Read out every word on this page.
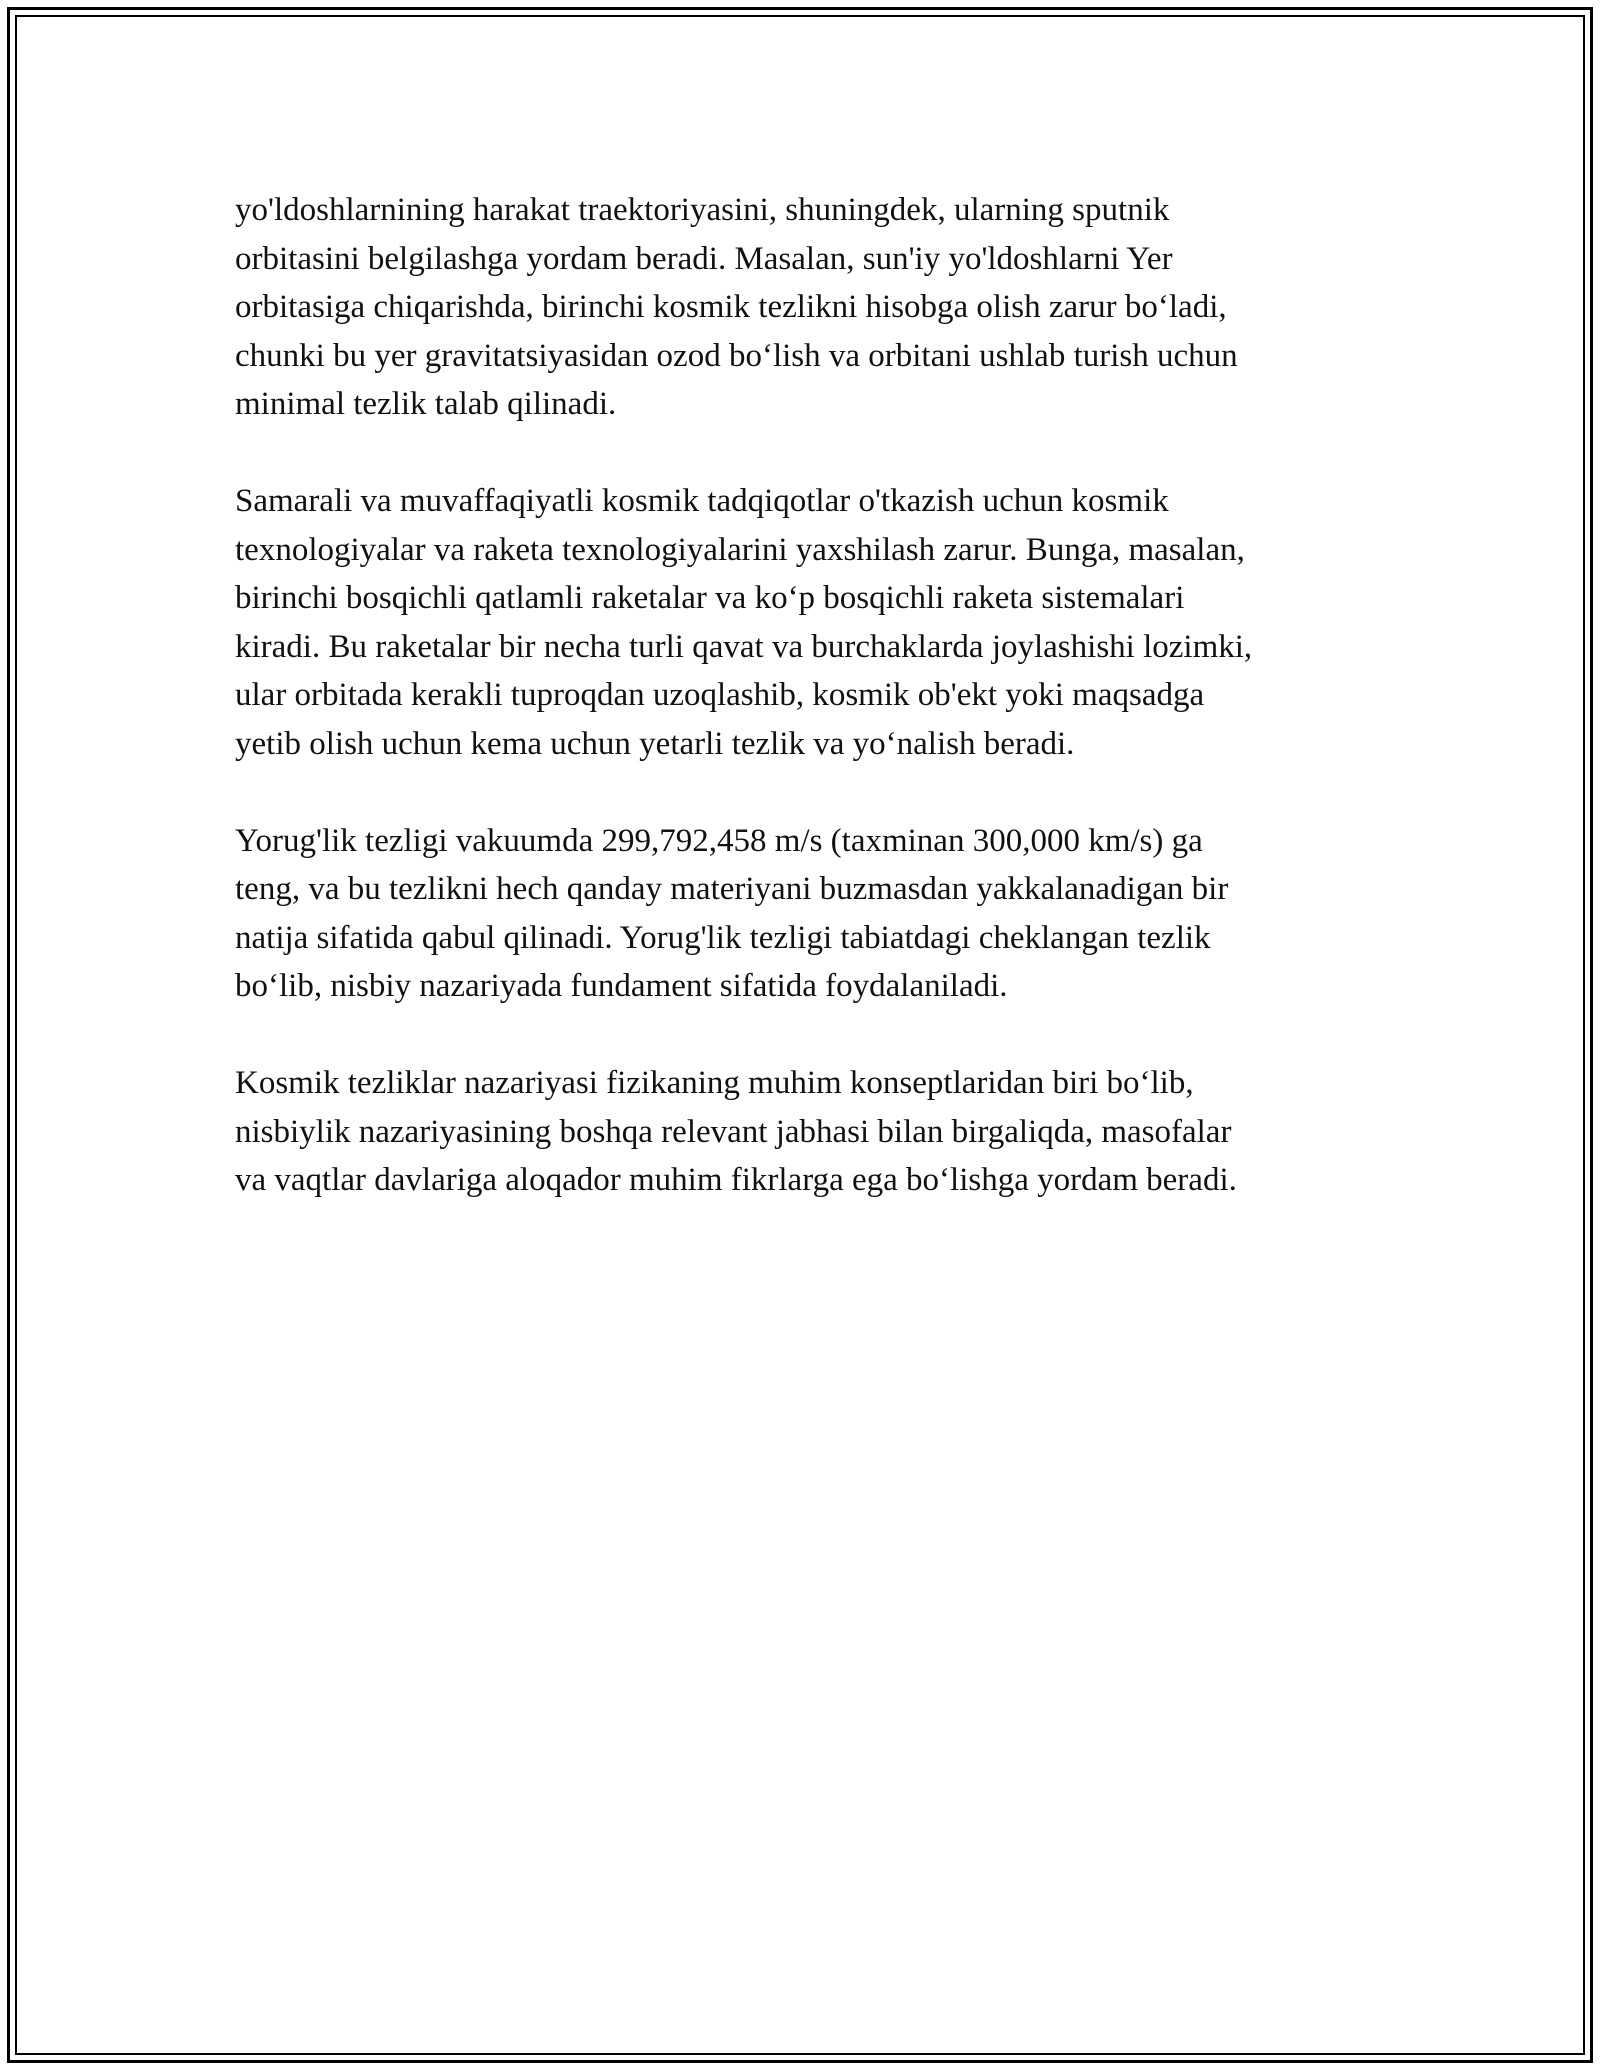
yo'ldoshlarnining harakat traektoriyasini, shuningdek, ularning sputnik
orbitasini belgilashga yordam beradi. Masalan, sun'iy yo'ldoshlarni Yer
orbitasiga chiqarishda, birinchi kosmik tezlikni hisobga olish zarur bo‘ladi,
chunki bu yer gravitatsiyasidan ozod bo‘lish va orbitani ushlab turish uchun
minimal tezlik talab qilinadi.

Samarali va muvaffaqiyatli kosmik tadqiqotlar o'tkazish uchun kosmik
texnologiyalar va raketa texnologiyalarini yaxshilash zarur. Bunga, masalan,
birinchi bosqichli qatlamli raketalar va ko‘p bosqichli raketa sistemalari
kiradi. Bu raketalar bir necha turli qavat va burchaklarda joylashishi lozimki,
ular orbitada kerakli tuproqdan uzoqlashib, kosmik ob'ekt yoki maqsadga
yetib olish uchun kema uchun yetarli tezlik va yo‘nalish beradi.

Yorug'lik tezligi vakuumda 299,792,458 m/s (taxminan 300,000 km/s) ga
teng, va bu tezlikni hech qanday materiyani buzmasdan yakkalanadigan bir
natija sifatida qabul qilinadi. Yorug'lik tezligi tabiatdagi cheklangan tezlik
bo‘lib, nisbiy nazariyada fundament sifatida foydalaniladi.

Kosmik tezliklar nazariyasi fizikaning muhim konseptlaridan biri bo‘lib,
nisbiylik nazariyasining boshqa relevant jabhasi bilan birgaliqda, masofalar
va vaqtlar davlariga aloqador muhim fikrlarga ega bo‘lishga yordam beradi.
